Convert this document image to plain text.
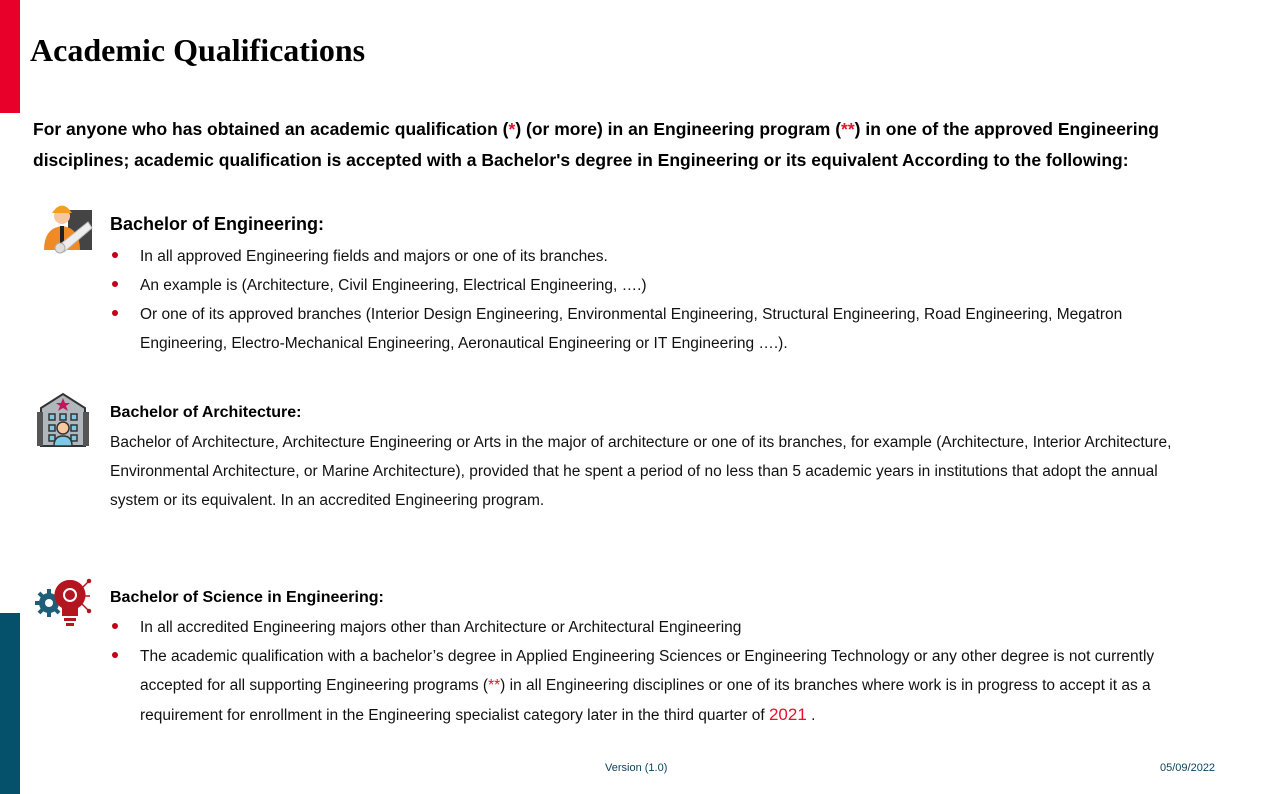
Academic Qualifications
For anyone who has obtained an academic qualification (*) (or more) in an Engineering program (**) in one of the approved Engineering disciplines; academic qualification is accepted with a Bachelor's degree in Engineering or its equivalent According to the following:
Bachelor of Engineering:
In all approved Engineering fields and majors or one of its branches.
An example is (Architecture, Civil Engineering, Electrical Engineering, ….)
Or one of its approved branches (Interior Design Engineering, Environmental Engineering, Structural Engineering, Road Engineering, Megatron Engineering, Electro-Mechanical Engineering, Aeronautical Engineering or IT Engineering ….).
Bachelor of Architecture:
Bachelor of Architecture, Architecture Engineering or Arts in the major of architecture or one of its branches, for example (Architecture, Interior Architecture, Environmental Architecture, or Marine Architecture), provided that he spent a period of no less than 5 academic years in institutions that adopt the annual system or its equivalent. In an accredited Engineering program.
Bachelor of Science in Engineering:
In all accredited Engineering majors other than Architecture or Architectural Engineering
The academic qualification with a bachelor’s degree in Applied Engineering Sciences or Engineering Technology or any other degree is not currently accepted for all supporting Engineering programs (**) in all Engineering disciplines or one of its branches where work is in progress to accept it as a requirement for enrollment in the Engineering specialist category later in the third quarter of 2021 .
Version (1.0)	05/09/2022
